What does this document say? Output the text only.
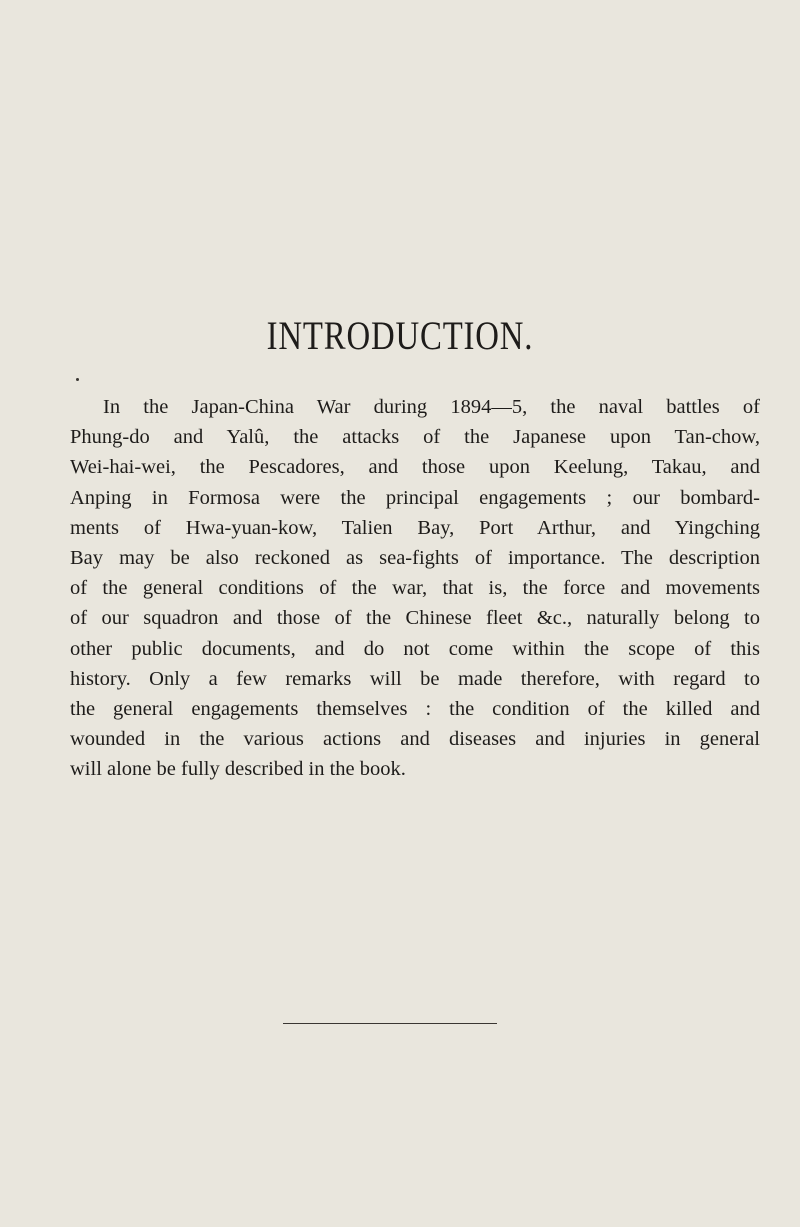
INTRODUCTION.
In the Japan-China War during 1894—5, the naval battles of
Phung-do and Yalû, the attacks of the Japanese upon Tan-chow,
Wei-hai-wei, the Pescadores, and those upon Keelung, Takau, and
Anping in Formosa were the principal engagements ; our bombard-
ments of Hwa-yuan-kow, Talien Bay, Port Arthur, and Yingching
Bay may be also reckoned as sea-fights of importance. The description
of the general conditions of the war, that is, the force and movements
of our squadron and those of the Chinese fleet &c., naturally belong to
other public documents, and do not come within the scope of this
history. Only a few remarks will be made therefore, with regard to
the general engagements themselves : the condition of the killed and
wounded in the various actions and diseases and injuries in general
will alone be fully described in the book.
